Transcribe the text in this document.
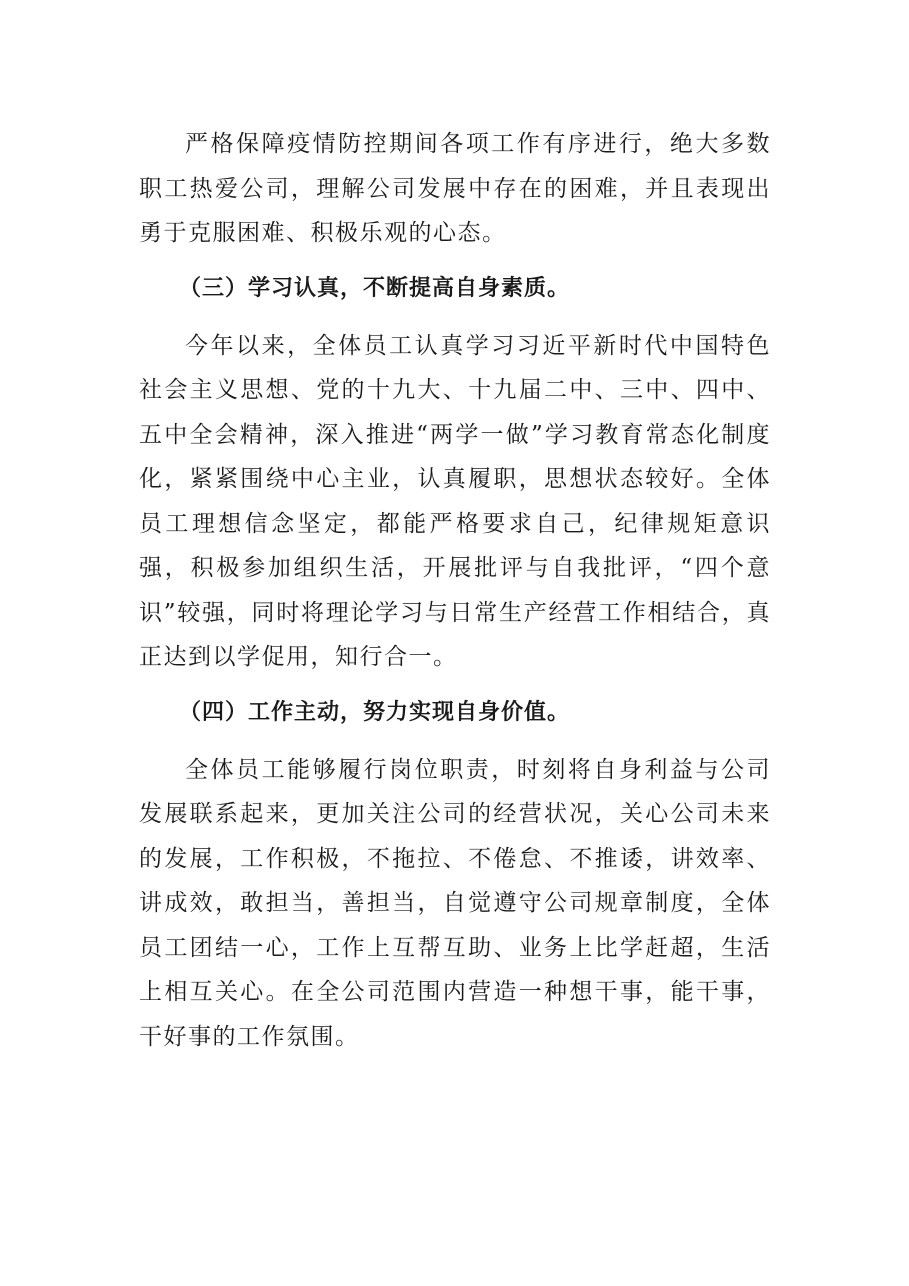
严格保障疫情防控期间各项工作有序进行，绝大多数职工热爱公司，理解公司发展中存在的困难，并且表现出勇于克服困难、积极乐观的心态。

（三）学习认真，不断提高自身素质。

今年以来，全体员工认真学习习近平新时代中国特色社会主义思想、党的十九大、十九届二中、三中、四中、五中全会精神，深入推进“两学一做”学习教育常态化制度化，紧紧围绕中心主业，认真履职，思想状态较好。全体员工理想信念坚定，都能严格要求自己，纪律规矩意识强，积极参加组织生活，开展批评与自我批评，“四个意识”较强，同时将理论学习与日常生产经营工作相结合，真正达到以学促用，知行合一。

（四）工作主动，努力实现自身价值。

全体员工能够履行岗位职责，时刻将自身利益与公司发展联系起来，更加关注公司的经营状况，关心公司未来的发展，工作积极，不拖拉、不倦怠、不推诿，讲效率、讲成效，敢担当，善担当，自觉遵守公司规章制度，全体员工团结一心，工作上互帮互助、业务上比学赶超，生活上相互关心。在全公司范围内营造一种想干事，能干事，干好事的工作氛围。
